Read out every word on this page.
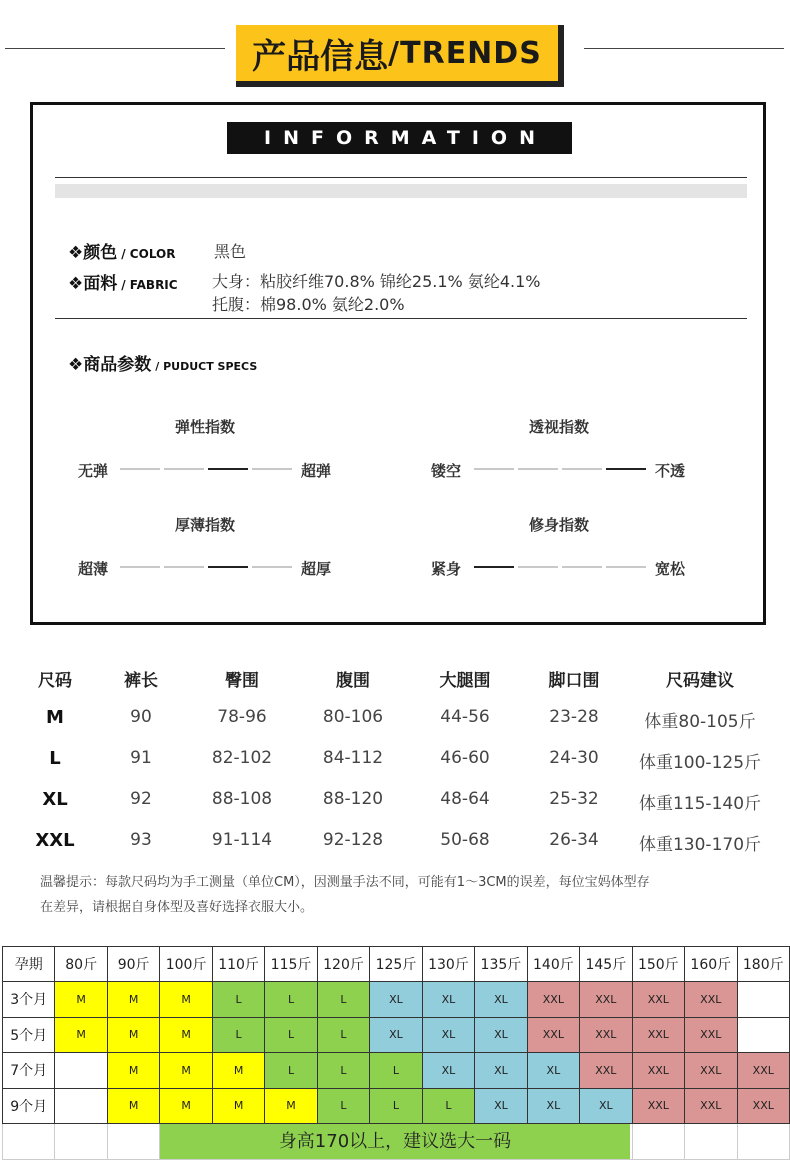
产品信息 /TRENDS
INFORMATION
❖颜色 / COLOR 黑色
❖面料 / FABRIC 大身：粘胶纤维70.8% 锦纶25.1% 氨纶4.1%
托腹：棉98.0% 氨纶2.0%
❖商品参数 / PUDUCT SPECS
弹性指数
无弹	超弹
透视指数
镂空	不透
厚薄指数
超薄	超厚
修身指数
紧身	宽松
尺码	裤长	臀围	腹围	大腿围	脚口围	尺码建议
M	90	78-96	80-106	44-56	23-28	体重80-105斤
L	91	82-102	84-112	46-60	24-30	体重100-125斤
XL	92	88-108	88-120	48-64	25-32	体重115-140斤
XXL	93	91-114	92-128	50-68	26-34	体重130-170斤
温馨提示：每款尺码均为手工测量（单位CM），因测量手法不同，可能有1～3CM的误差，每位宝妈体型存
在差异，请根据自身体型及喜好选择衣服大小。
孕期	80斤	90斤	100斤	110斤	115斤	120斤	125斤	130斤	135斤	140斤	145斤	150斤	160斤	180斤
3个月	M	M	M	L	L	L	XL	XL	XL	XXL	XXL	XXL	XXL	
5个月	M	M	M	L	L	L	XL	XL	XL	XXL	XXL	XXL	XXL	
7个月		M	M	M	L	L	L	XL	XL	XL	XXL	XXL	XXL	XXL
9个月		M	M	M	M	L	L	L	XL	XL	XL	XXL	XXL	XXL

身高170以上，建议选大一码
